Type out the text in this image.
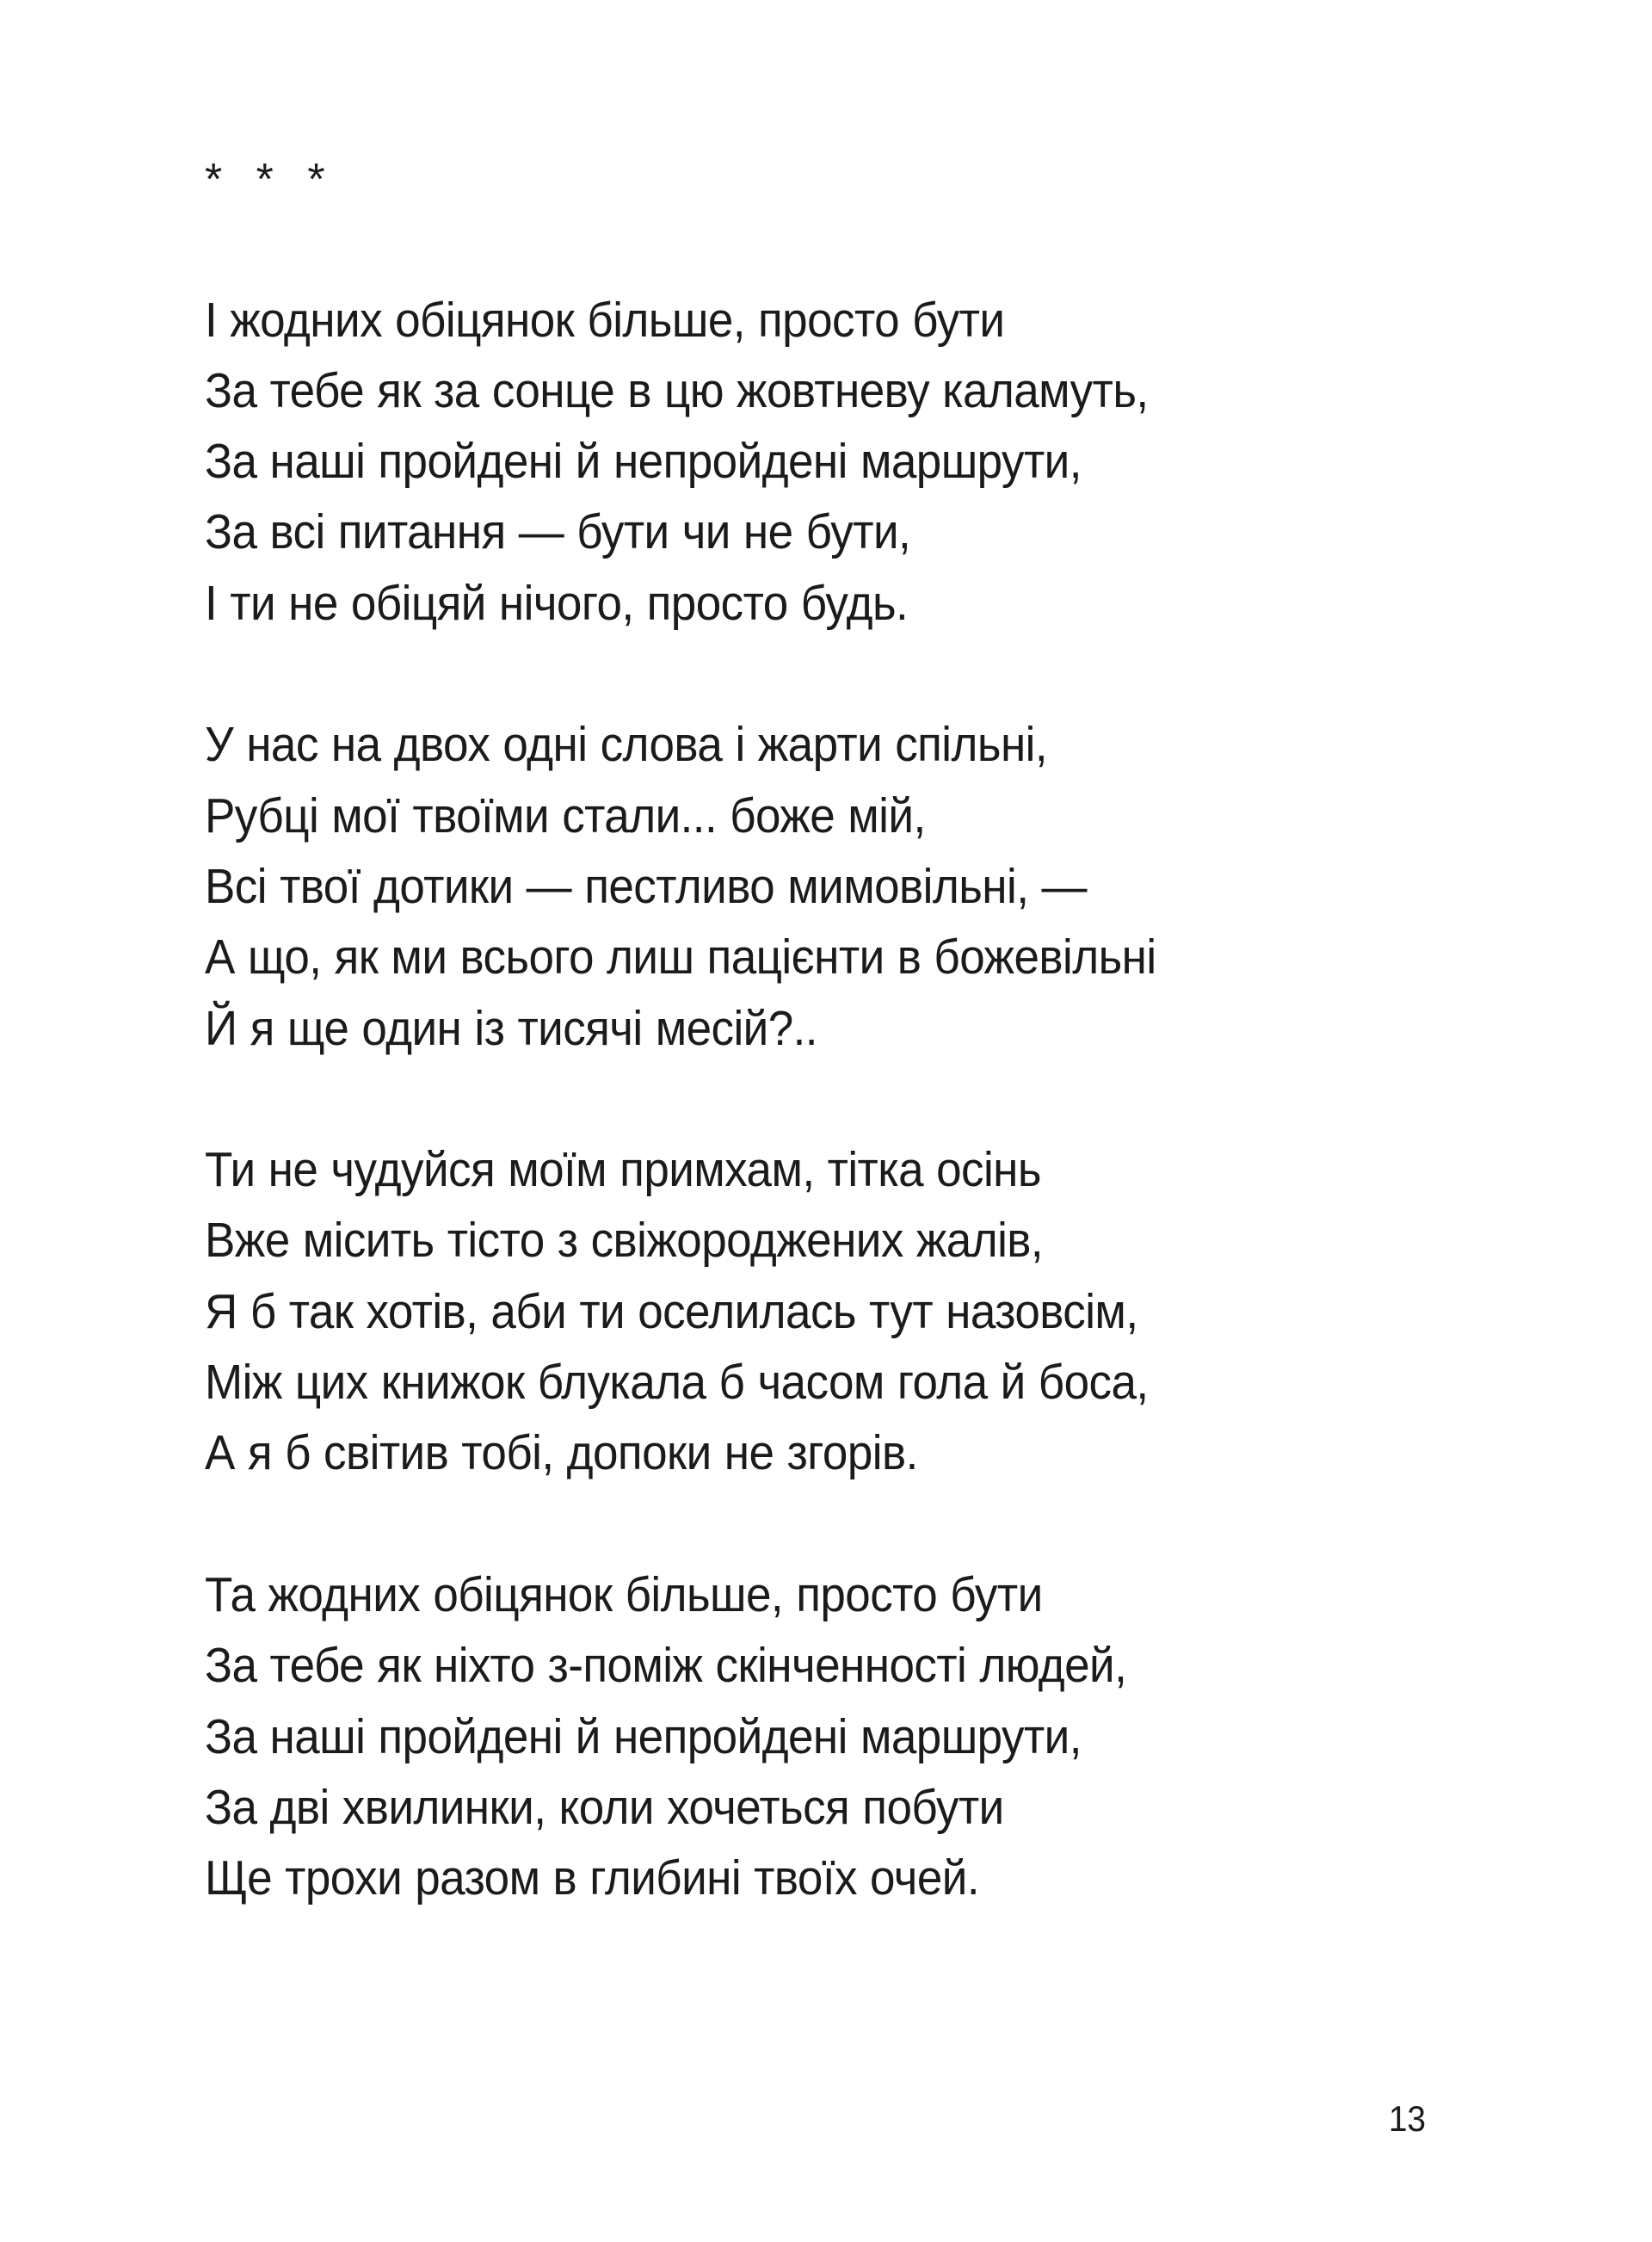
* * *
І жодних обіцянок більше, просто бути
За тебе як за сонце в цю жовтневу каламуть,
За наші пройдені й непройдені маршрути,
За всі питання — бути чи не бути,
І ти не обіцяй нічого, просто будь.
У нас на двох одні слова і жарти спільні,
Рубці мої твоїми стали... боже мій,
Всі твої дотики — пестливо мимовільні, —
А що, як ми всього лиш пацієнти в божевільні
Й я ще один із тисячі месій?..
Ти не чудуйся моїм примхам, тітка осінь
Вже місить тісто з свіжороджених жалів,
Я б так хотів, аби ти оселилась тут назовсім,
Між цих книжок блукала б часом гола й боса,
А я б світив тобі, допоки не згорів.
Та жодних обіцянок більше, просто бути
За тебе як ніхто з-поміж скінченності людей,
За наші пройдені й непройдені маршрути,
За дві хвилинки, коли хочеться побути
Ще трохи разом в глибині твоїх очей.
13
